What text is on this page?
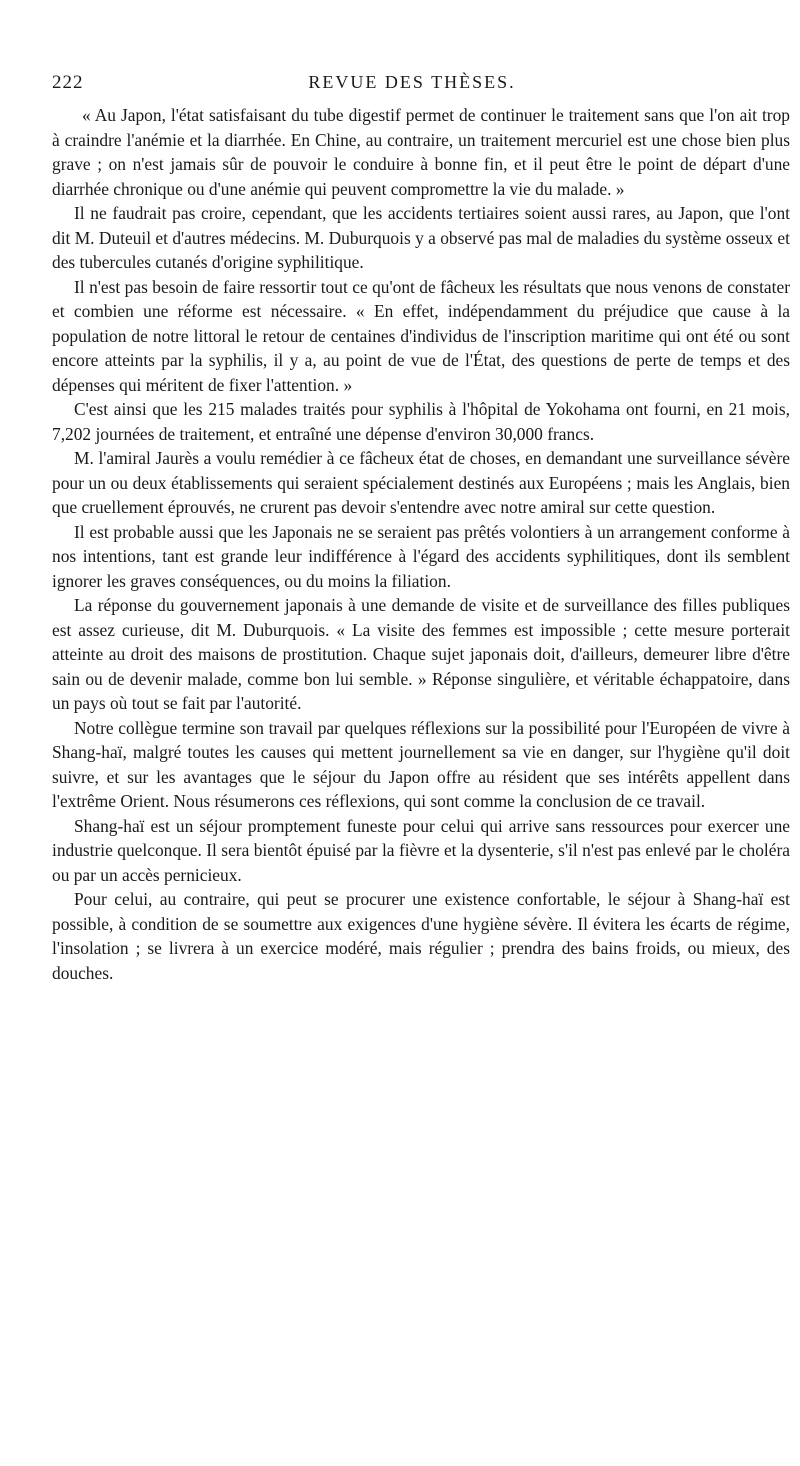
222	REVUE DES THÈSES.

« Au Japon, l'état satisfaisant du tube digestif permet de continuer le traitement sans que l'on ait trop à craindre l'anémie et la diarrhée. En Chine, au contraire, un traitement mercuriel est une chose bien plus grave ; on n'est jamais sûr de pouvoir le conduire à bonne fin, et il peut être le point de départ d'une diarrhée chronique ou d'une anémie qui peuvent compromettre la vie du malade. »

Il ne faudrait pas croire, cependant, que les accidents tertiaires soient aussi rares, au Japon, que l'ont dit M. Duteuil et d'autres médecins. M. Duburquois y a observé pas mal de maladies du système osseux et des tubercules cutanés d'origine syphilitique.

Il n'est pas besoin de faire ressortir tout ce qu'ont de fâcheux les résultats que nous venons de constater et combien une réforme est nécessaire. « En effet, indépendamment du préjudice que cause à la population de notre littoral le retour de centaines d'individus de l'inscription maritime qui ont été ou sont encore atteints par la syphilis, il y a, au point de vue de l'État, des questions de perte de temps et des dépenses qui méritent de fixer l'attention. »

C'est ainsi que les 215 malades traités pour syphilis à l'hôpital de Yokohama ont fourni, en 21 mois, 7,202 journées de traitement, et entraîné une dépense d'environ 30,000 francs.

M. l'amiral Jaurès a voulu remédier à ce fâcheux état de choses, en demandant une surveillance sévère pour un ou deux établissements qui seraient spécialement destinés aux Européens ; mais les Anglais, bien que cruellement éprouvés, ne crurent pas devoir s'entendre avec notre amiral sur cette question.

Il est probable aussi que les Japonais ne se seraient pas prêtés volontiers à un arrangement conforme à nos intentions, tant est grande leur indifférence à l'égard des accidents syphilitiques, dont ils semblent ignorer les graves conséquences, ou du moins la filiation.

La réponse du gouvernement japonais à une demande de visite et de surveillance des filles publiques est assez curieuse, dit M. Duburquois. « La visite des femmes est impossible ; cette mesure porterait atteinte au droit des maisons de prostitution. Chaque sujet japonais doit, d'ailleurs, demeurer libre d'être sain ou de devenir malade, comme bon lui semble. » Réponse singulière, et véritable échappatoire, dans un pays où tout se fait par l'autorité.

Notre collègue termine son travail par quelques réflexions sur la possibilité pour l'Européen de vivre à Shang-haï, malgré toutes les causes qui mettent journellement sa vie en danger, sur l'hygiène qu'il doit suivre, et sur les avantages que le séjour du Japon offre au résident que ses intérêts appellent dans l'extrême Orient. Nous résumerons ces réflexions, qui sont comme la conclusion de ce travail.

Shang-haï est un séjour promptement funeste pour celui qui arrive sans ressources pour exercer une industrie quelconque. Il sera bientôt épuisé par la fièvre et la dysenterie, s'il n'est pas enlevé par le choléra ou par un accès pernicieux.

Pour celui, au contraire, qui peut se procurer une existence confortable, le séjour à Shang-haï est possible, à condition de se soumettre aux exigences d'une hygiène sévère. Il évitera les écarts de régime, l'insolation ; se livrera à un exercice modéré, mais régulier ; prendra des bains froids, ou mieux, des douches.
